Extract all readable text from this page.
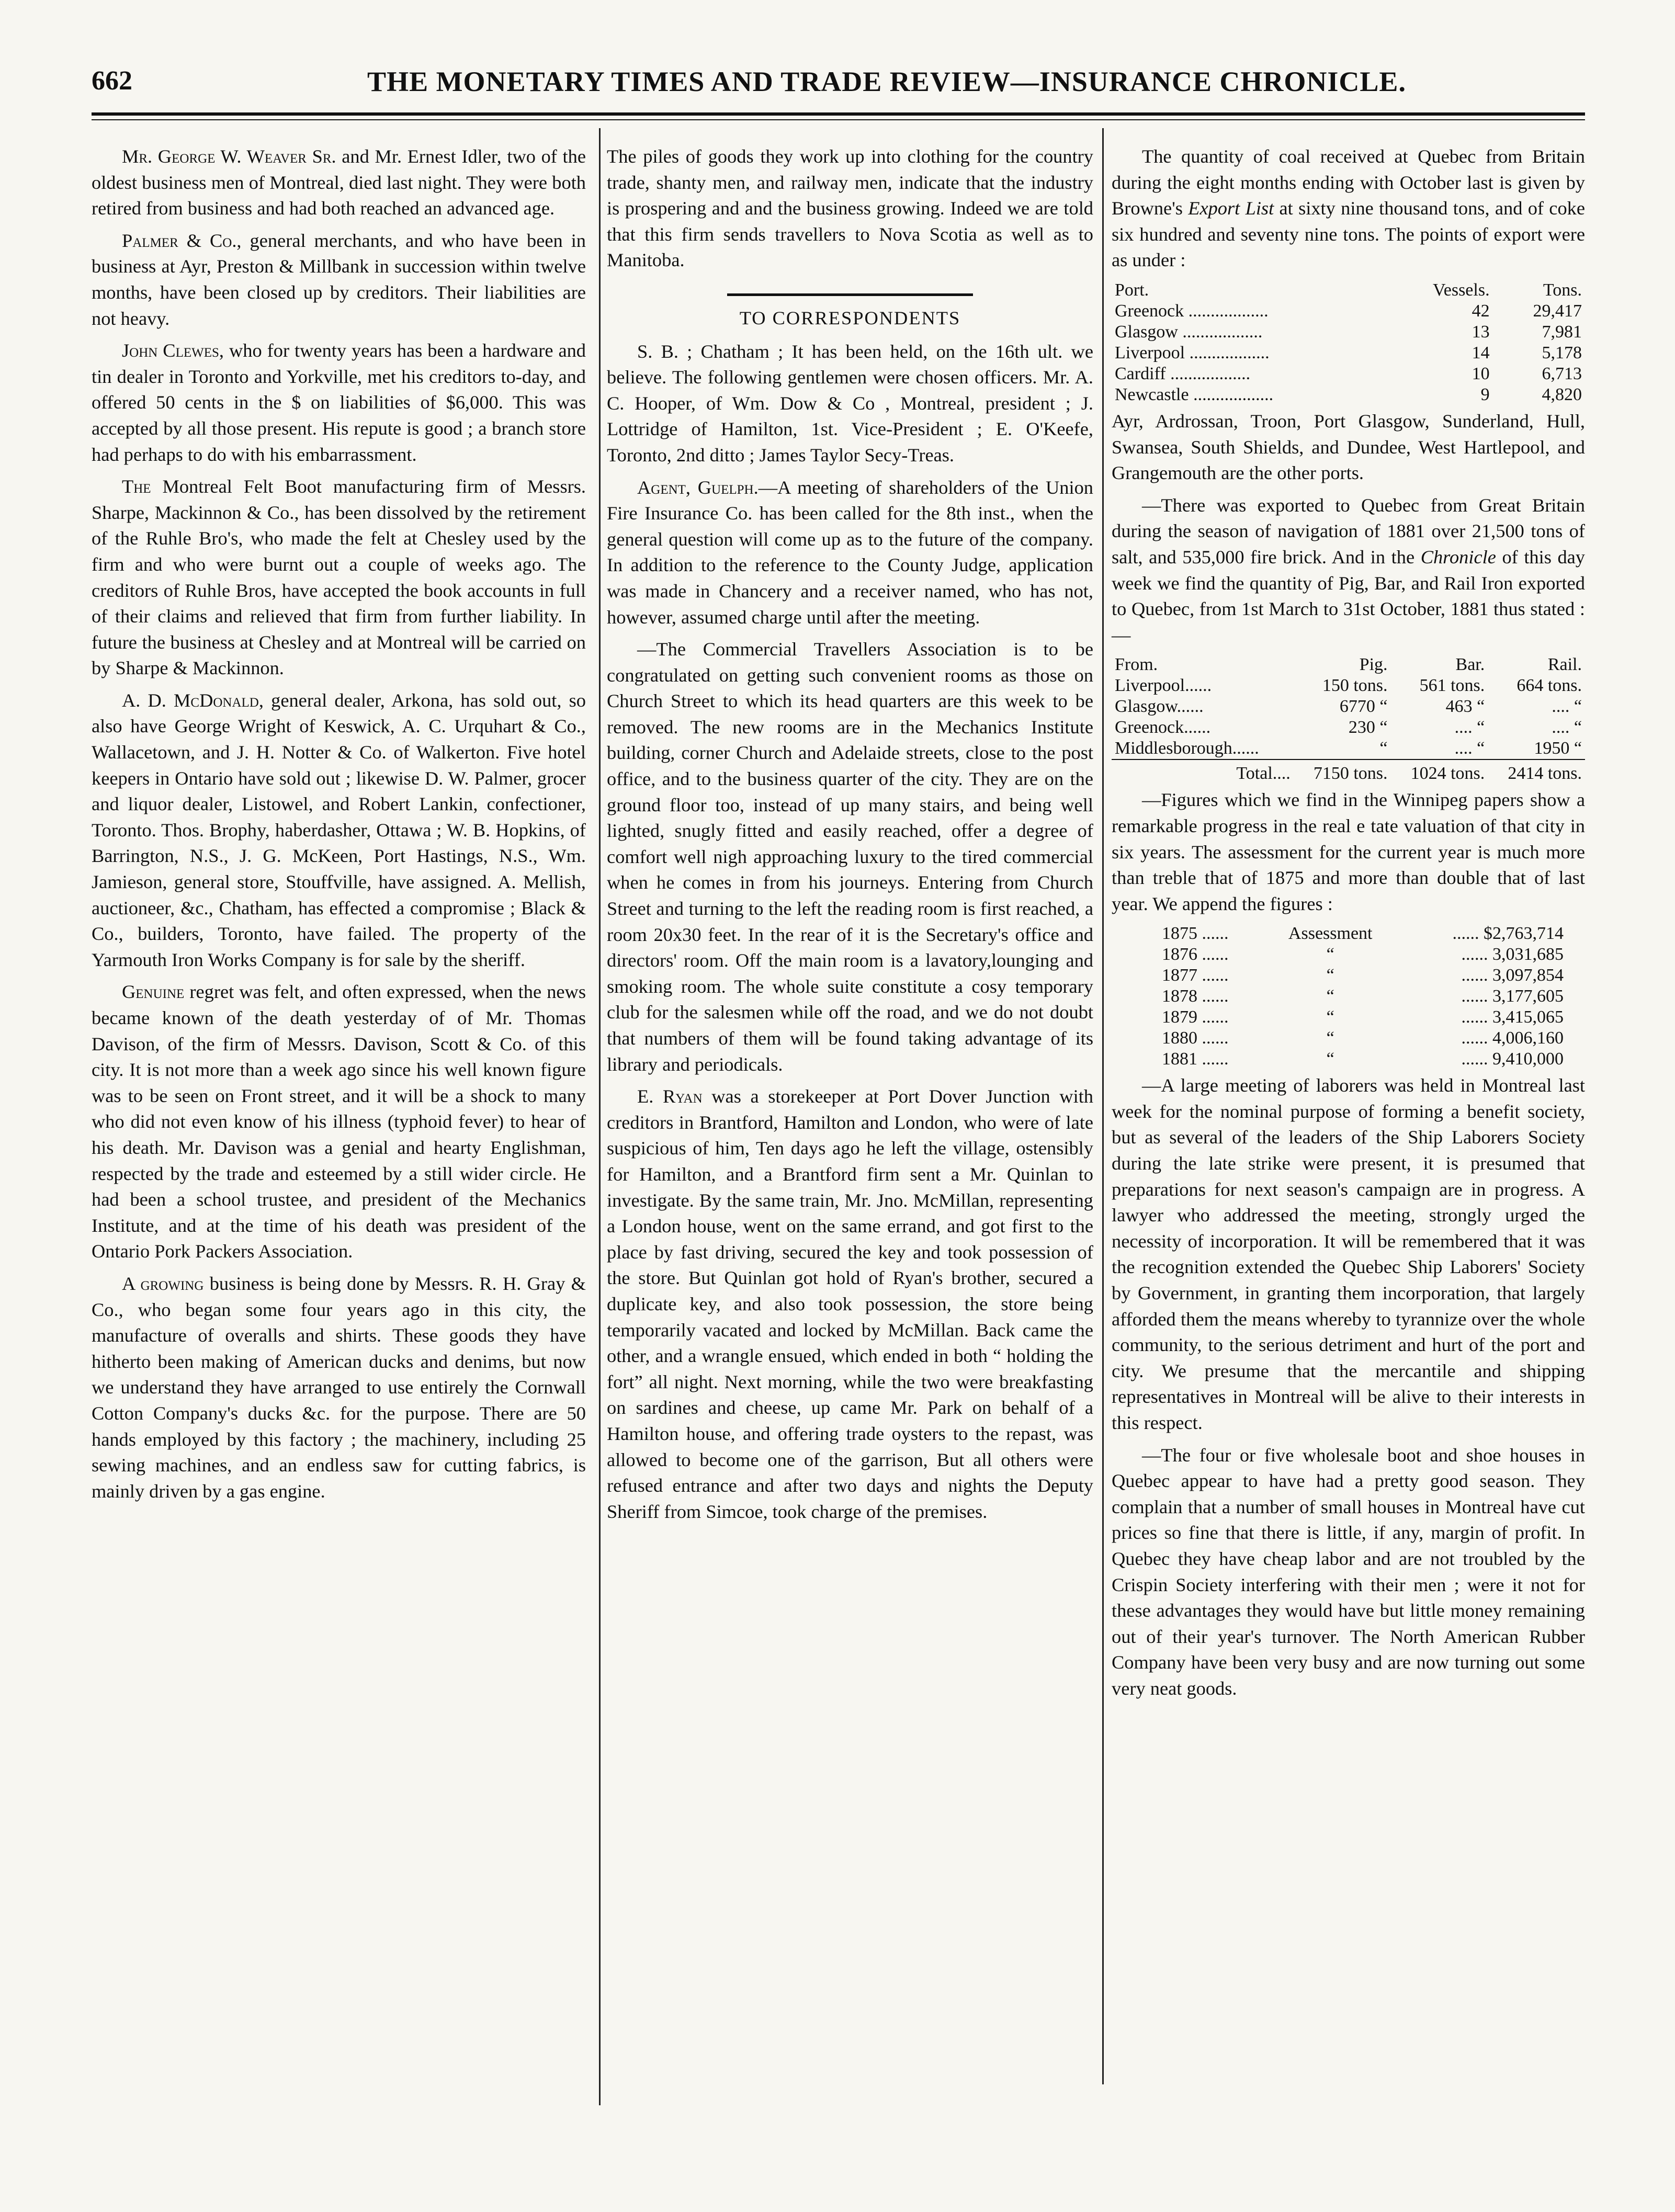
662	THE MONETARY TIMES AND TRADE REVIEW—INSURANCE CHRONICLE.

Mr. George W. Weaver Sr. and Mr. Ernest Idler, two of the oldest business men of Montreal, died last night. They were both retired from business and had both reached an advanced age.

Palmer & Co., general merchants, and who have been in business at Ayr, Preston & Millbank in succession within twelve months, have been closed up by creditors. Their liabilities are not heavy.

John Clewes, who for twenty years has been a hardware and tin dealer in Toronto and Yorkville, met his creditors to-day, and offered 50 cents in the $ on liabilities of $6,000. This was accepted by all those present. His repute is good ; a branch store had perhaps to do with his embarrassment.

The Montreal Felt Boot manufacturing firm of Messrs. Sharpe, Mackinnon & Co., has been dissolved by the retirement of the Ruhle Bro's, who made the felt at Chesley used by the firm and who were burnt out a couple of weeks ago. The creditors of Ruhle Bros, have accepted the book accounts in full of their claims and relieved that firm from further liability. In future the business at Chesley and at Montreal will be carried on by Sharpe & Mackinnon.

A. D. McDonald, general dealer, Arkona, has sold out, so also have George Wright of Keswick, A. C. Urquhart & Co., Wallacetown, and J. H. Notter & Co. of Walkerton. Five hotel keepers in Ontario have sold out ; likewise D. W. Palmer, grocer and liquor dealer, Listowel, and Robert Lankin, confectioner, Toronto. Thos. Brophy, haberdasher, Ottawa ; W. B. Hopkins, of Barrington, N.S., J. G. McKeen, Port Hastings, N.S., Wm. Jamieson, general store, Stouffville, have assigned. A. Mellish, auctioneer, &c., Chatham, has effected a compromise ; Black & Co., builders, Toronto, have failed. The property of the Yarmouth Iron Works Company is for sale by the sheriff.

Genuine regret was felt, and often expressed, when the news became known of the death yesterday of of Mr. Thomas Davison, of the firm of Messrs. Davison, Scott & Co. of this city. It is not more than a week ago since his well known figure was to be seen on Front street, and it will be a shock to many who did not even know of his illness (typhoid fever) to hear of his death. Mr. Davison was a genial and hearty Englishman, respected by the trade and esteemed by a still wider circle. He had been a school trustee, and president of the Mechanics Institute, and at the time of his death was president of the Ontario Pork Packers Association.

A growing business is being done by Messrs. R. H. Gray & Co., who began some four years ago in this city, the manufacture of overalls and shirts. These goods they have hitherto been making of American ducks and denims, but now we understand they have arranged to use entirely the Cornwall Cotton Company's ducks &c. for the purpose. There are 50 hands employed by this factory ; the machinery, including 25 sewing machines, and an endless saw for cutting fabrics, is mainly driven by a gas engine.

The piles of goods they work up into clothing for the country trade, shanty men, and railway men, indicate that the industry is prospering and and the business growing. Indeed we are told that this firm sends travellers to Nova Scotia as well as to Manitoba.

TO CORRESPONDENTS

S. B. ; Chatham ; It has been held, on the 16th ult. we believe. The following gentlemen were chosen officers. Mr. A. C. Hooper, of Wm. Dow & Co , Montreal, president ; J. Lottridge of Hamilton, 1st. Vice-President ; E. O'Keefe, Toronto, 2nd ditto ; James Taylor Secy-Treas.

Agent, Guelph.—A meeting of shareholders of the Union Fire Insurance Co. has been called for the 8th inst., when the general question will come up as to the future of the company. In addition to the reference to the County Judge, application was made in Chancery and a receiver named, who has not, however, assumed charge until after the meeting.

—The Commercial Travellers Association is to be congratulated on getting such convenient rooms as those on Church Street to which its head quarters are this week to be removed. The new rooms are in the Mechanics Institute building, corner Church and Adelaide streets, close to the post office, and to the business quarter of the city. They are on the ground floor too, instead of up many stairs, and being well lighted, snugly fitted and easily reached, offer a degree of comfort well nigh approaching luxury to the tired commercial when he comes in from his journeys. Entering from Church Street and turning to the left the reading room is first reached, a room 20x30 feet. In the rear of it is the Secretary's office and directors' room. Off the main room is a lavatory,lounging and smoking room. The whole suite constitute a cosy temporary club for the salesmen while off the road, and we do not doubt that numbers of them will be found taking advantage of its library and periodicals.

E. Ryan was a storekeeper at Port Dover Junction with creditors in Brantford, Hamilton and London, who were of late suspicious of him, Ten days ago he left the village, ostensibly for Hamilton, and a Brantford firm sent a Mr. Quinlan to investigate. By the same train, Mr. Jno. McMillan, representing a London house, went on the same errand, and got first to the place by fast driving, secured the key and took possession of the store. But Quinlan got hold of Ryan's brother, secured a duplicate key, and also took possession, the store being temporarily vacated and locked by McMillan. Back came the other, and a wrangle ensued, which ended in both “ holding the fort” all night. Next morning, while the two were breakfasting on sardines and cheese, up came Mr. Park on behalf of a Hamilton house, and offering trade oysters to the repast, was allowed to become one of the garrison, But all others were refused entrance and after two days and nights the Deputy Sheriff from Simcoe, took charge of the premises.

The quantity of coal received at Quebec from Britain during the eight months ending with October last is given by Browne's Export List at sixty nine thousand tons, and of coke six hundred and seventy nine tons. The points of export were as under :

Port.	Vessels.	Tons.
Greenock ..................	42	29,417
Glasgow ..................	13	7,981
Liverpool ..................	14	5,178
Cardiff ..................	10	6,713
Newcastle ..................	9	4,820

Ayr, Ardrossan, Troon, Port Glasgow, Sunderland, Hull, Swansea, South Shields, and Dundee, West Hartlepool, and Grangemouth are the other ports.

—There was exported to Quebec from Great Britain during the season of navigation of 1881 over 21,500 tons of salt, and 535,000 fire brick. And in the Chronicle of this day week we find the quantity of Pig, Bar, and Rail Iron exported to Quebec, from 1st March to 31st October, 1881 thus stated :—

From.	Pig.	Bar.	Rail.
Liverpool......	150 tons.	561 tons.	664 tons.
Glasgow......	6770 “	463 “	.... “
Greenock......	230 “	.... “	.... “
Middlesborough......	“	.... “	1950 “

Total....	7150 tons.	1024 tons.	2414 tons.

—Figures which we find in the Winnipeg papers show a remarkable progress in the real e tate valuation of that city in six years. The assessment for the current year is much more than treble that of 1875 and more than double that of last year. We append the figures :

1875 ......	Assessment	...... $2,763,714
1876 ......	“	...... 3,031,685
1877 ......	“	...... 3,097,854
1878 ......	“	...... 3,177,605
1879 ......	“	...... 3,415,065
1880 ......	“	...... 4,006,160
1881 ......	“	...... 9,410,000

—A large meeting of laborers was held in Montreal last week for the nominal purpose of forming a benefit society, but as several of the leaders of the Ship Laborers Society during the late strike were present, it is presumed that preparations for next season's campaign are in progress. A lawyer who addressed the meeting, strongly urged the necessity of incorporation. It will be remembered that it was the recognition extended the Quebec Ship Laborers' Society by Government, in granting them incorporation, that largely afforded them the means whereby to tyrannize over the whole community, to the serious detriment and hurt of the port and city. We presume that the mercantile and shipping representatives in Montreal will be alive to their interests in this respect.

—The four or five wholesale boot and shoe houses in Quebec appear to have had a pretty good season. They complain that a number of small houses in Montreal have cut prices so fine that there is little, if any, margin of profit. In Quebec they have cheap labor and are not troubled by the Crispin Society interfering with their men ; were it not for these advantages they would have but little money remaining out of their year's turnover. The North American Rubber Company have been very busy and are now turning out some very neat goods.
